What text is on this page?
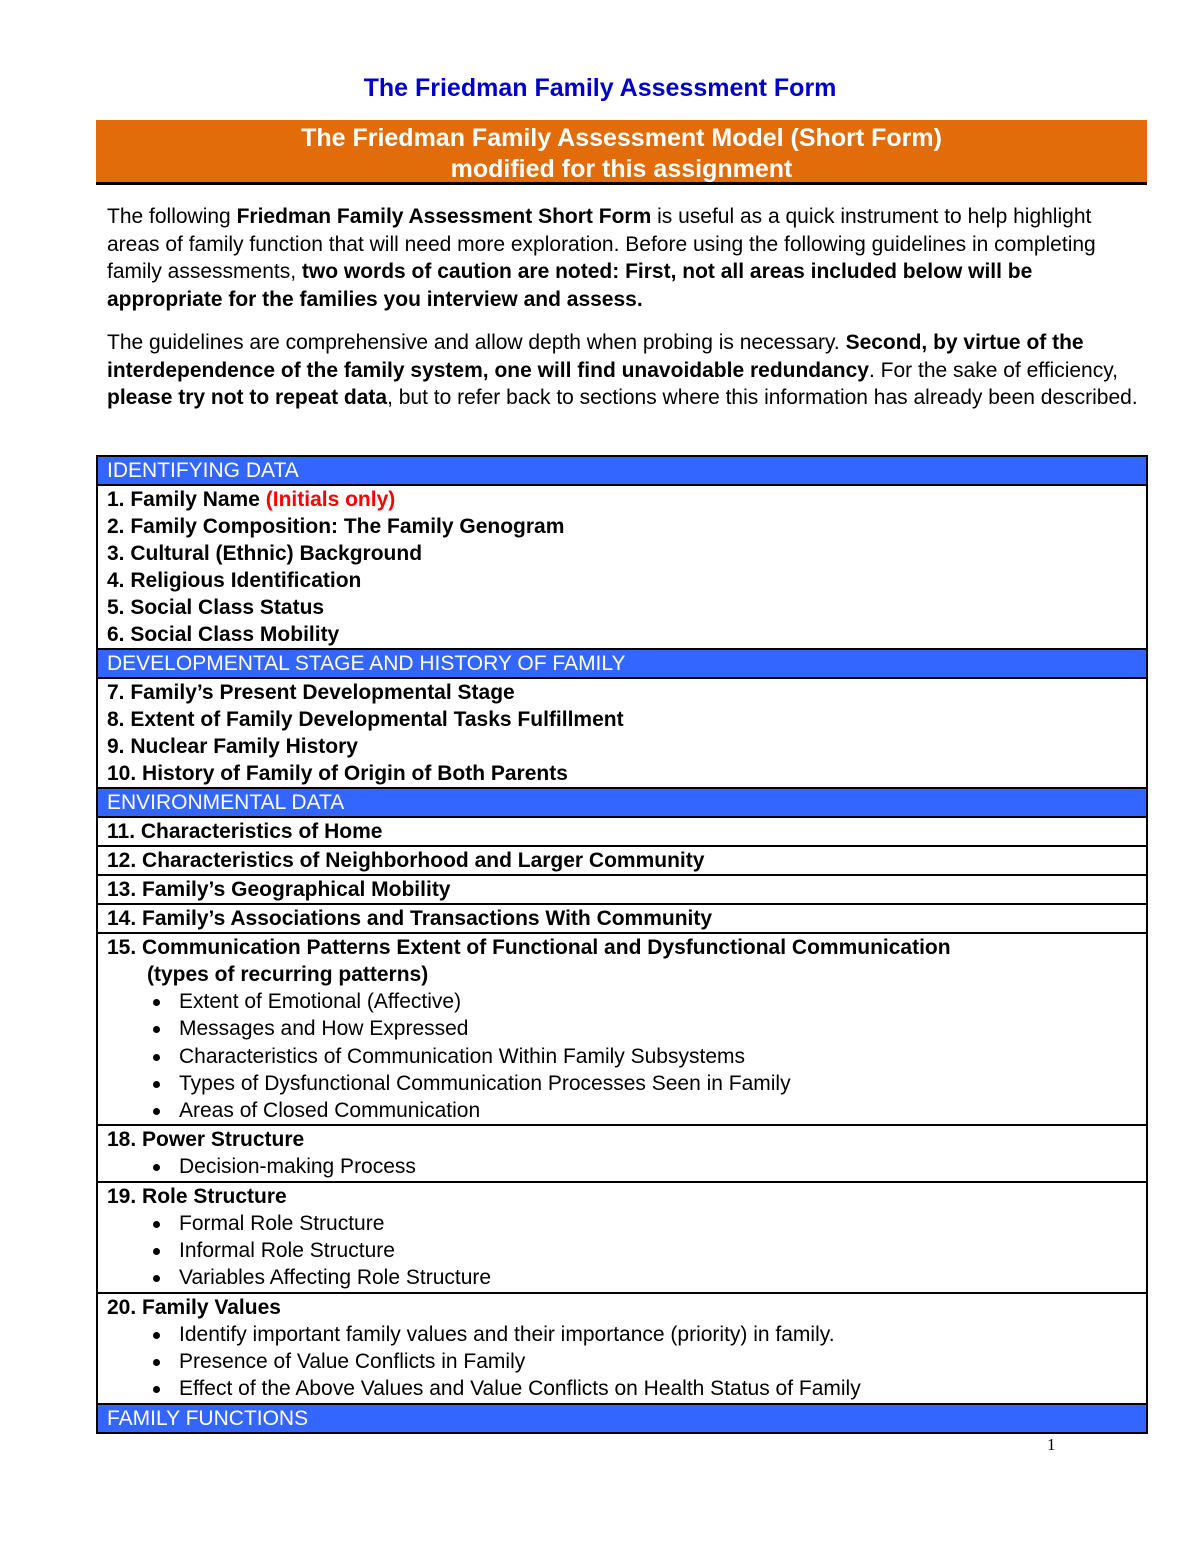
The Friedman Family Assessment Form
The Friedman Family Assessment Model (Short Form)
modified for this assignment
The following Friedman Family Assessment Short Form is useful as a quick instrument to help highlight areas of family function that will need more exploration. Before using the following guidelines in completing family assessments, two words of caution are noted: First, not all areas included below will be appropriate for the families you interview and assess.
The guidelines are comprehensive and allow depth when probing is necessary. Second, by virtue of the interdependence of the family system, one will find unavoidable redundancy. For the sake of efficiency, please try not to repeat data, but to refer back to sections where this information has already been described.
IDENTIFYING DATA

1. Family Name (Initials only)
2. Family Composition: The Family Genogram
3. Cultural (Ethnic) Background
4. Religious Identification
5. Social Class Status
6. Social Class Mobility

DEVELOPMENTAL STAGE AND HISTORY OF FAMILY

7. Family’s Present Developmental Stage
8. Extent of Family Developmental Tasks Fulfillment
9. Nuclear Family History
10. History of Family of Origin of Both Parents

ENVIRONMENTAL DATA

11. Characteristics of Home

12. Characteristics of Neighborhood and Larger Community

13. Family’s Geographical Mobility

14. Family’s Associations and Transactions With Community

15. Communication Patterns Extent of Functional and Dysfunctional Communication
(types of recurring patterns)
Extent of Emotional (Affective)
Messages and How Expressed
Characteristics of Communication Within Family Subsystems
Types of Dysfunctional Communication Processes Seen in Family
Areas of Closed Communication

18. Power Structure
Decision-making Process

19. Role Structure
Formal Role Structure
Informal Role Structure
Variables Affecting Role Structure

20. Family Values
Identify important family values and their importance (priority) in family.
Presence of Value Conflicts in Family
Effect of the Above Values and Value Conflicts on Health Status of Family

FAMILY FUNCTIONS
1
